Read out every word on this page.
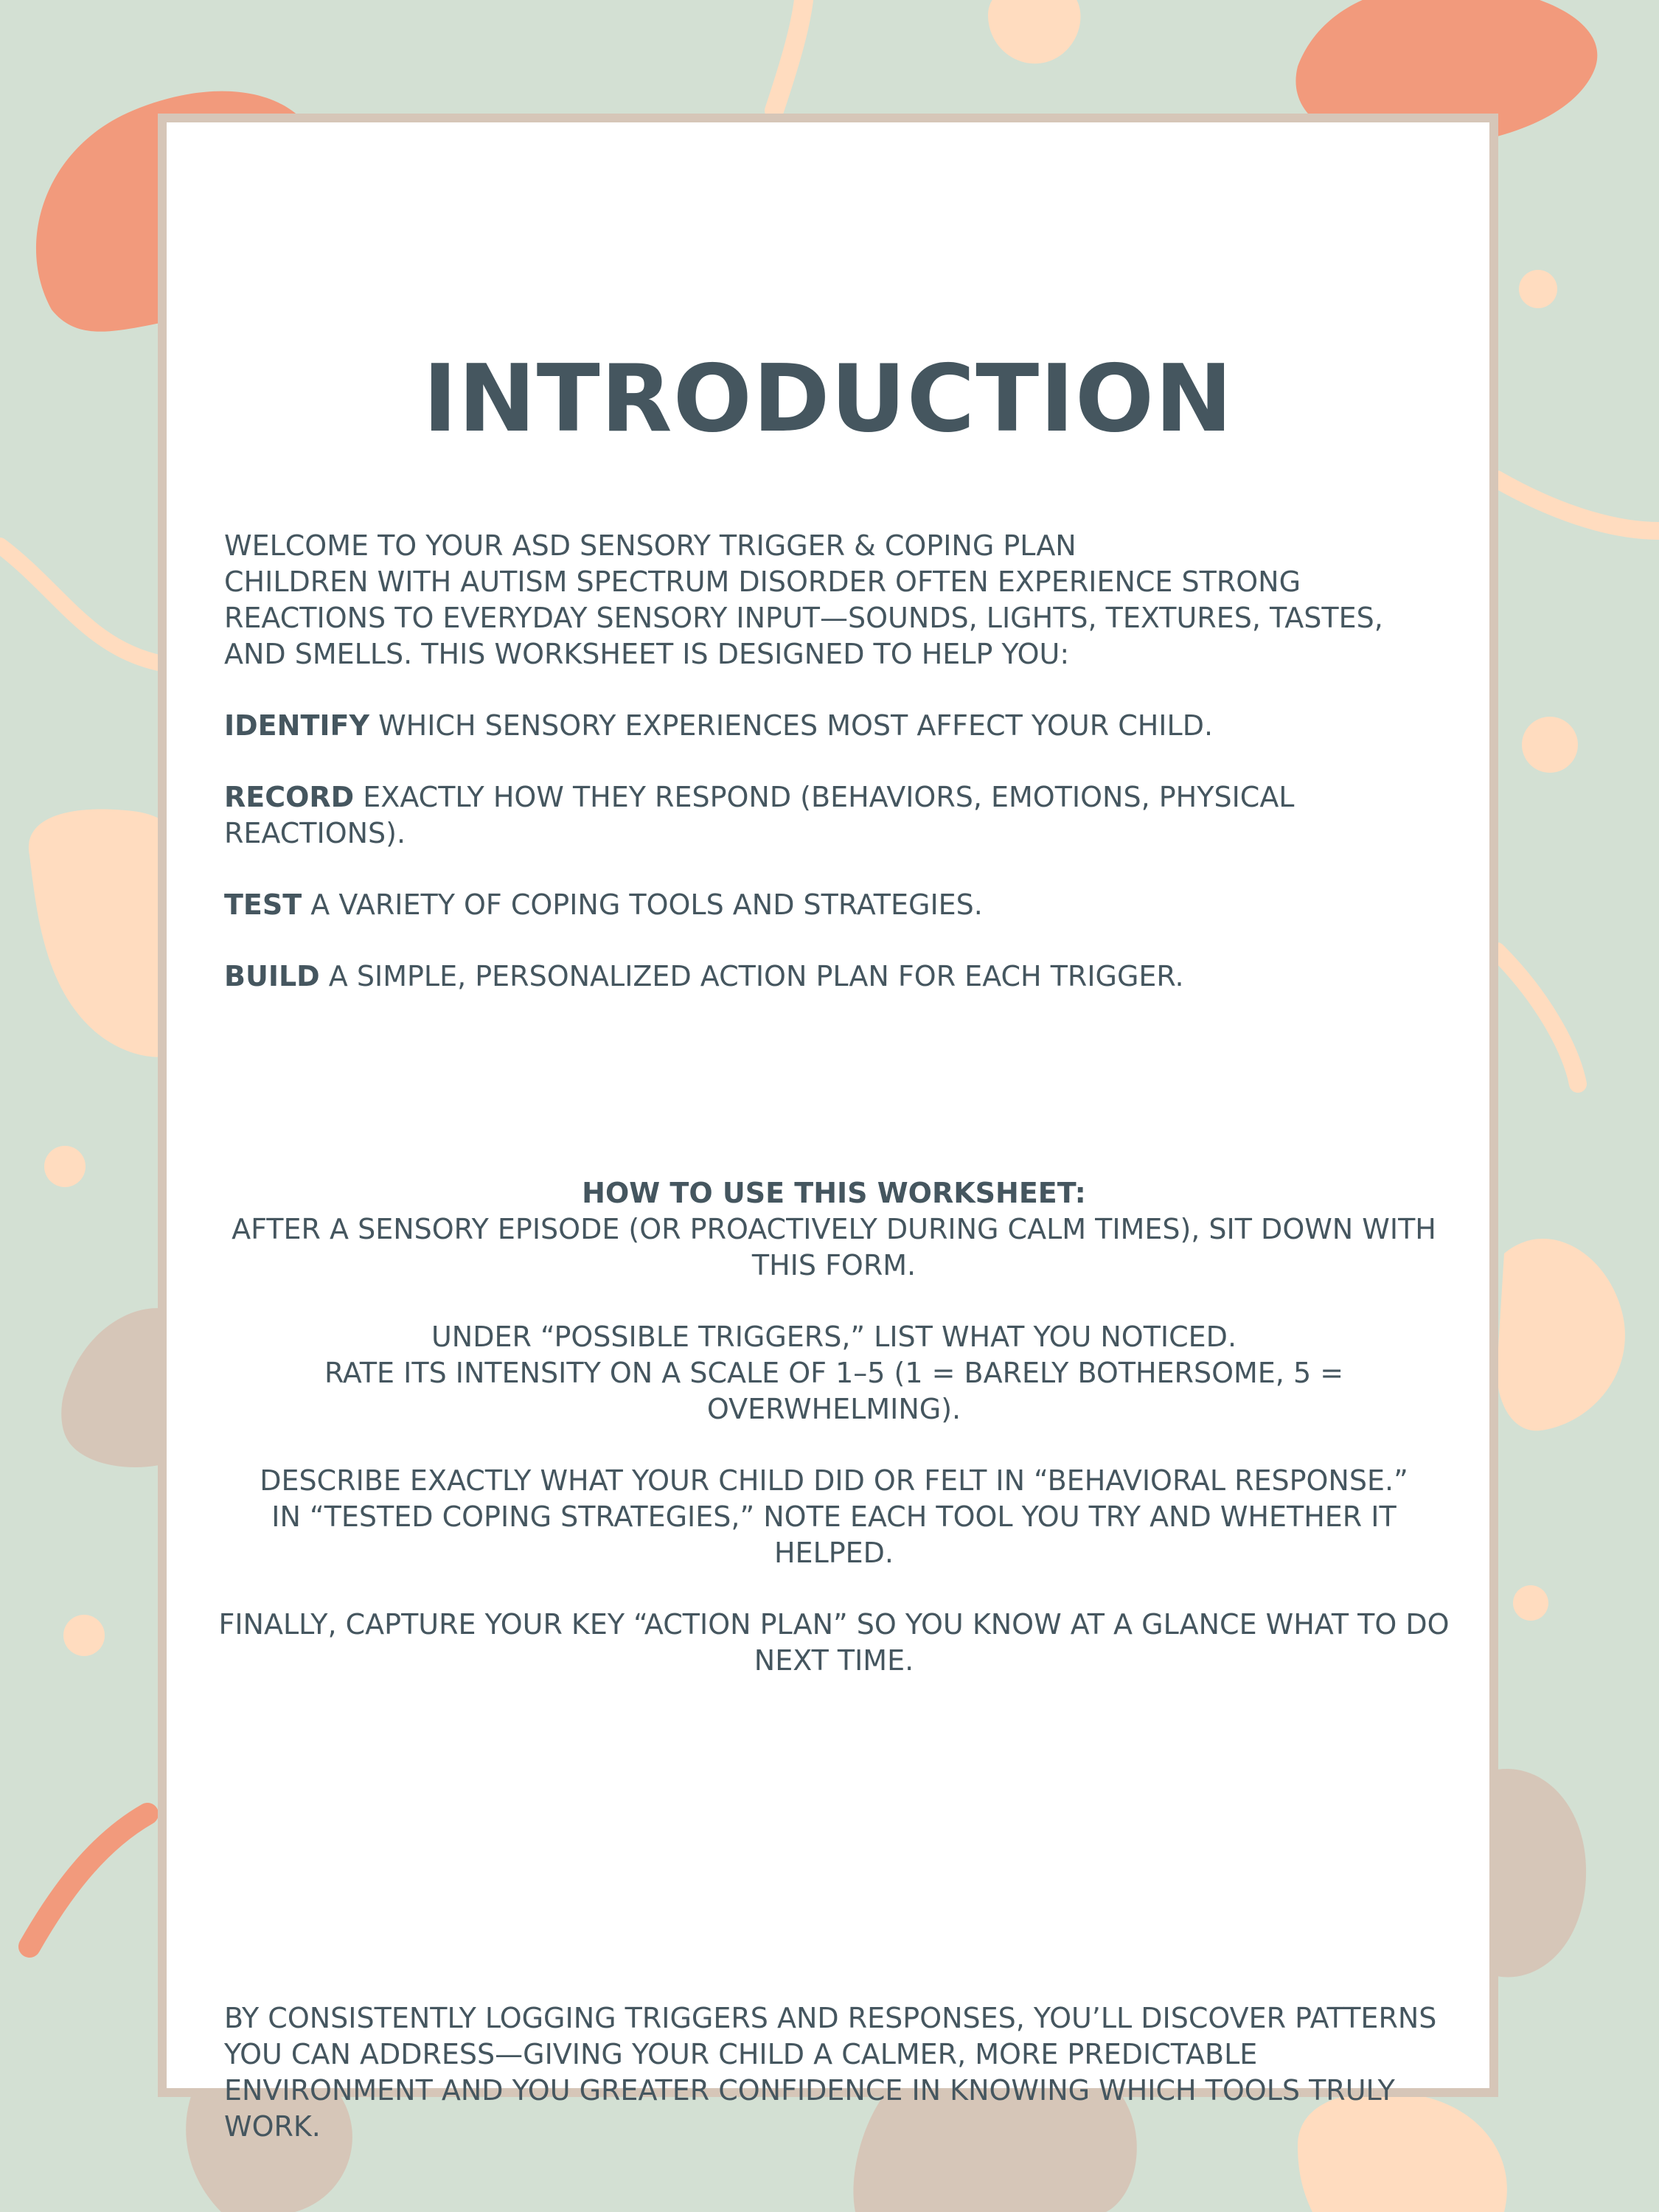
INTRODUCTION

WELCOME TO YOUR ASD SENSORY TRIGGER & COPING PLAN

CHILDREN WITH AUTISM SPECTRUM DISORDER OFTEN EXPERIENCE STRONG REACTIONS TO EVERYDAY SENSORY INPUT—SOUNDS, LIGHTS, TEXTURES, TASTES, AND SMELLS. THIS WORKSHEET IS DESIGNED TO HELP YOU:

IDENTIFY WHICH SENSORY EXPERIENCES MOST AFFECT YOUR CHILD.

RECORD EXACTLY HOW THEY RESPOND (BEHAVIORS, EMOTIONS, PHYSICAL REACTIONS).

TEST A VARIETY OF COPING TOOLS AND STRATEGIES.

BUILD A SIMPLE, PERSONALIZED ACTION PLAN FOR EACH TRIGGER.

HOW TO USE THIS WORKSHEET:

AFTER A SENSORY EPISODE (OR PROACTIVELY DURING CALM TIMES), SIT DOWN WITH THIS FORM.

UNDER “POSSIBLE TRIGGERS,” LIST WHAT YOU NOTICED.

RATE ITS INTENSITY ON A SCALE OF 1–5 (1 = BARELY BOTHERSOME, 5 = OVERWHELMING).

DESCRIBE EXACTLY WHAT YOUR CHILD DID OR FELT IN “BEHAVIORAL RESPONSE.”

IN “TESTED COPING STRATEGIES,” NOTE EACH TOOL YOU TRY AND WHETHER IT HELPED.

FINALLY, CAPTURE YOUR KEY “ACTION PLAN” SO YOU KNOW AT A GLANCE WHAT TO DO NEXT TIME.

BY CONSISTENTLY LOGGING TRIGGERS AND RESPONSES, YOU’LL DISCOVER PATTERNS YOU CAN ADDRESS—GIVING YOUR CHILD A CALMER, MORE PREDICTABLE ENVIRONMENT AND YOU GREATER CONFIDENCE IN KNOWING WHICH TOOLS TRULY WORK.
